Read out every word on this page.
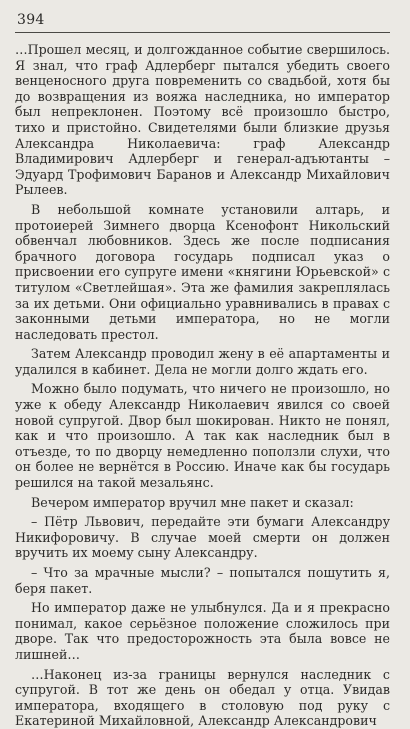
394

…Прошел месяц, и долгожданное событие свершилось. Я знал, что граф Адлерберг пытался убедить своего венценосного друга повременить со свадьбой, хотя бы до возвращения из вояжа наследника, но император был непреклонен. Поэтому всё произошло быстро, тихо и пристойно. Свидетелями были близкие друзья Александра Николаевича: граф Александр Владимирович Адлерберг и генерал-адъютанты – Эдуард Трофимович Баранов и Александр Михайлович Рылеев.

В небольшой комнате установили алтарь, и протоиерей Зимнего дворца Ксенофонт Никольский обвенчал любовников. Здесь же после подписания брачного договора государь подписал указ о присвоении его супруге имени «княгини Юрьевской» с титулом «Светлейшая». Эта же фамилия закреплялась за их детьми. Они официально уравнивались в правах с законными детьми императора, но не могли наследовать престол.

Затем Александр проводил жену в её апартаменты и удалился в кабинет. Дела не могли долго ждать его.

Можно было подумать, что ничего не произошло, но уже к обеду Александр Николаевич явился со своей новой супругой. Двор был шокирован. Никто не понял, как и что произошло. А так как наследник был в отъезде, то по дворцу немедленно поползли слухи, что он более не вернётся в Россию. Иначе как бы государь решился на такой мезальянс.

Вечером император вручил мне пакет и сказал:

– Пётр Львович, передайте эти бумаги Александру Никифоровичу. В случае моей смерти он должен вручить их моему сыну Александру.

– Что за мрачные мысли? – попытался пошутить я, беря пакет.

Но император даже не улыбнулся. Да и я прекрасно понимал, какое серьёзное положение сложилось при дворе. Так что предосторожность эта была вовсе не лишней…

…Наконец из-за границы вернулся наследник с супругой. В тот же день он обедал у отца. Увидав императора, входящего в столовую под руку с Екатериной Михайловной, Александр Александрович
